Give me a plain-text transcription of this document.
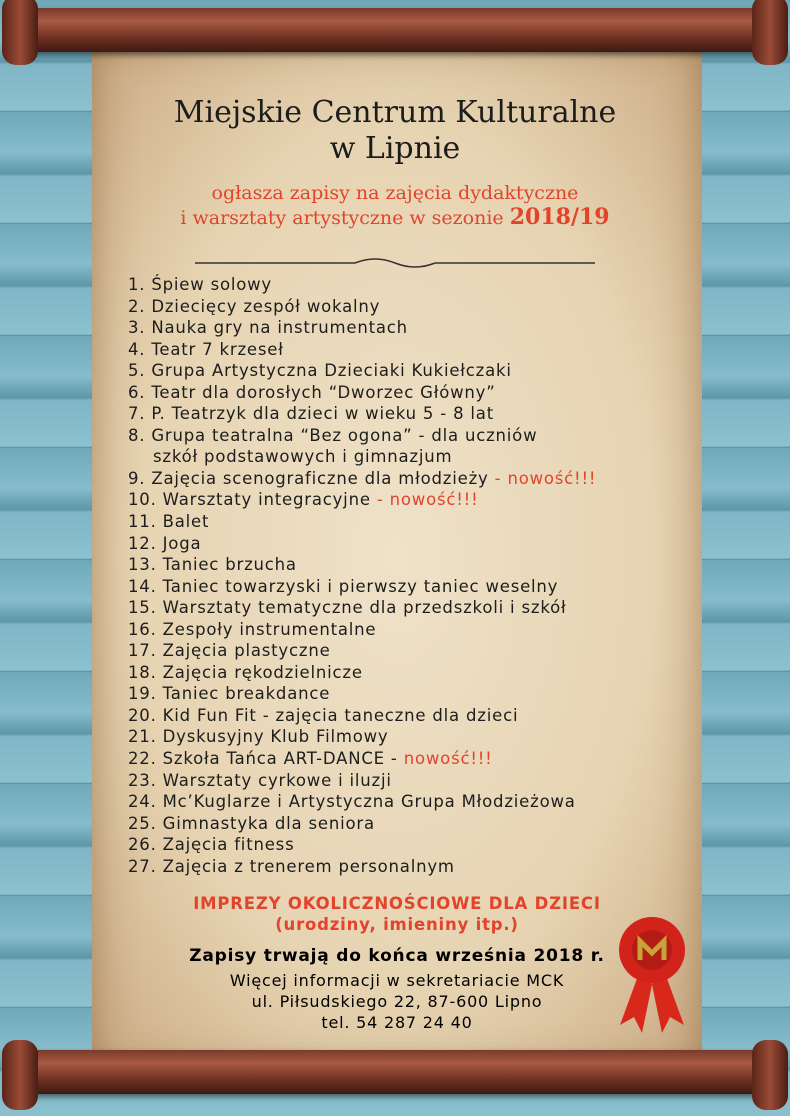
Miejskie Centrum Kulturalne
w Lipnie
ogłasza zapisy na zajęcia dydaktyczne
i warsztaty artystyczne w sezonie 2018/19
1. Śpiew solowy
2. Dziecięcy zespół wokalny
3. Nauka gry na instrumentach
4. Teatr 7 krzeseł
5. Grupa Artystyczna Dzieciaki Kukiełczaki
6. Teatr dla dorosłych “Dworzec Główny”
7. P. Teatrzyk dla dzieci w wieku 5 - 8 lat
8. Grupa teatralna “Bez ogona” - dla uczniów
szkół podstawowych i gimnazjum
9. Zajęcia scenograficzne dla młodzieży - nowość!!!
10. Warsztaty integracyjne - nowość!!!
11. Balet
12. Joga
13. Taniec brzucha
14. Taniec towarzyski i pierwszy taniec weselny
15. Warsztaty tematyczne dla przedszkoli i szkół
16. Zespoły instrumentalne
17. Zajęcia plastyczne
18. Zajęcia rękodzielnicze
19. Taniec breakdance
20. Kid Fun Fit - zajęcia taneczne dla dzieci
21. Dyskusyjny Klub Filmowy
22. Szkoła Tańca ART-DANCE - nowość!!!
23. Warsztaty cyrkowe i iluzji
24. Mc’Kuglarze i Artystyczna Grupa Młodzieżowa
25. Gimnastyka dla seniora
26. Zajęcia fitness
27. Zajęcia z trenerem personalnym
IMPREZY OKOLICZNOŚCIOWE DLA DZIECI
(urodziny, imieniny itp.)
Zapisy trwają do końca września 2018 r.
Więcej informacji w sekretariacie MCK
ul. Piłsudskiego 22, 87-600 Lipno
tel. 54 287 24 40
